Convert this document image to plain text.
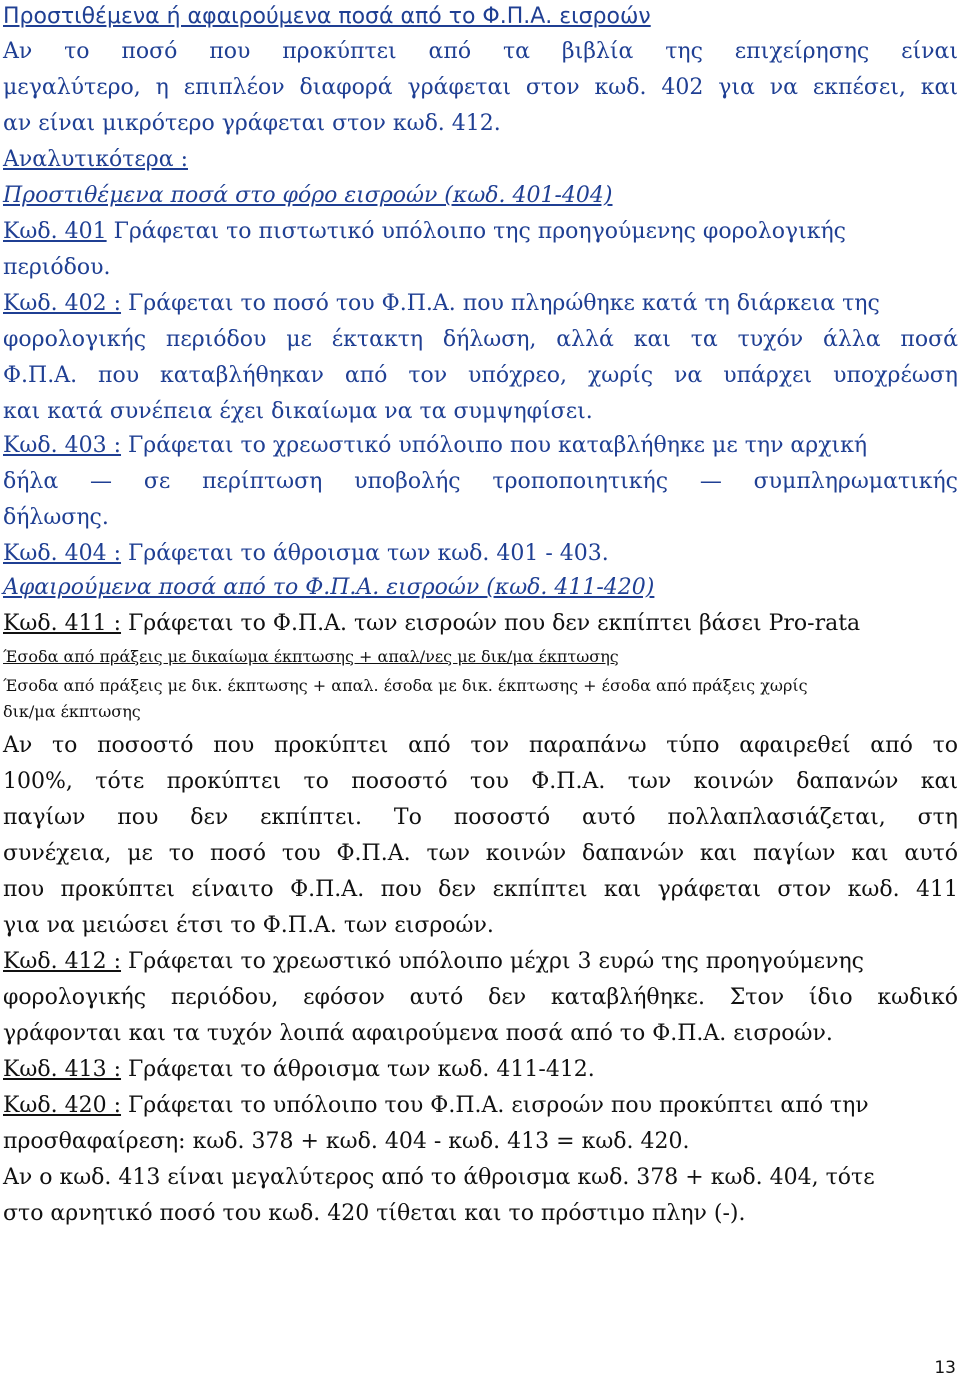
Προστιθέμενα ή αφαιρούμενα ποσά από το Φ.Π.Α. εισροών
Αν το ποσό που προκύπτει από τα βιβλία της επιχείρησης είναι
μεγαλύτερο, η επιπλέον διαφορά γράφεται στον κωδ. 402 για να εκπέσει, και
αν είναι μικρότερο γράφεται στον κωδ. 412.
Αναλυτικότερα :
Προστιθέμενα ποσά στο φόρο εισροών (κωδ. 401-404)
Κωδ. 401 Γράφεται το πιστωτικό υπόλοιπο της προηγούμενης φορολογικής
περιόδου.
Κωδ. 402 : Γράφεται το ποσό του Φ.Π.Α. που πληρώθηκε κατά τη διάρκεια της
φορολογικής περιόδου με έκτακτη δήλωση, αλλά και τα τυχόν άλλα ποσά
Φ.Π.Α. που καταβλήθηκαν από τον υπόχρεο, χωρίς να υπάρχει υποχρέωση
και κατά συνέπεια έχει δικαίωμα να τα συμψηφίσει.
Κωδ. 403 : Γράφεται το χρεωστικό υπόλοιπο που καταβλήθηκε με την αρχική
δήλα — σε περίπτωση υποβολής τροποποιητικής — συμπληρωματικής
δήλωσης.
Κωδ. 404 : Γράφεται το άθροισμα των κωδ. 401 - 403.
Αφαιρούμενα ποσά από το Φ.Π.Α. εισροών (κωδ. 411-420)
Κωδ. 411 : Γράφεται το Φ.Π.Α. των εισροών που δεν εκπίπτει βάσει Pro-rata
Έσοδα από πράξεις με δικαίωμα έκπτωσης + απαλ/νες με δικ/μα έκπτωσης
Έσοδα από πράξεις με δικ. έκπτωσης + απαλ. έσοδα με δικ. έκπτωσης + έσοδα από πράξεις χωρίς
δικ/μα έκπτωσης
Αν το ποσοστό που προκύπτει από τον παραπάνω τύπο αφαιρεθεί από το
100%, τότε προκύπτει το ποσοστό του Φ.Π.Α. των κοινών δαπανών και
παγίων που δεν εκπίπτει. Το ποσοστό αυτό πολλαπλασιάζεται, στη
συνέχεια, με το ποσό του Φ.Π.Α. των κοινών δαπανών και παγίων και αυτό
που προκύπτει είναιτο Φ.Π.Α. που δεν εκπίπτει και γράφεται στον κωδ. 411
για να μειώσει έτσι το Φ.Π.Α. των εισροών.
Κωδ. 412 : Γράφεται το χρεωστικό υπόλοιπο μέχρι 3 ευρώ της προηγούμενης
φορολογικής περιόδου, εφόσον αυτό δεν καταβλήθηκε. Στον ίδιο κωδικό
γράφονται και τα τυχόν λοιπά αφαιρούμενα ποσά από το Φ.Π.Α. εισροών.
Κωδ. 413 : Γράφεται το άθροισμα των κωδ. 411-412.
Κωδ. 420 : Γράφεται το υπόλοιπο του Φ.Π.Α. εισροών που προκύπτει από την
προσθαφαίρεση: κωδ. 378 + κωδ. 404 - κωδ. 413 = κωδ. 420.
Αν ο κωδ. 413 είναι μεγαλύτερος από το άθροισμα κωδ. 378 + κωδ. 404, τότε
στο αρνητικό ποσό του κωδ. 420 τίθεται και το πρόστιμο πλην (-).
13
